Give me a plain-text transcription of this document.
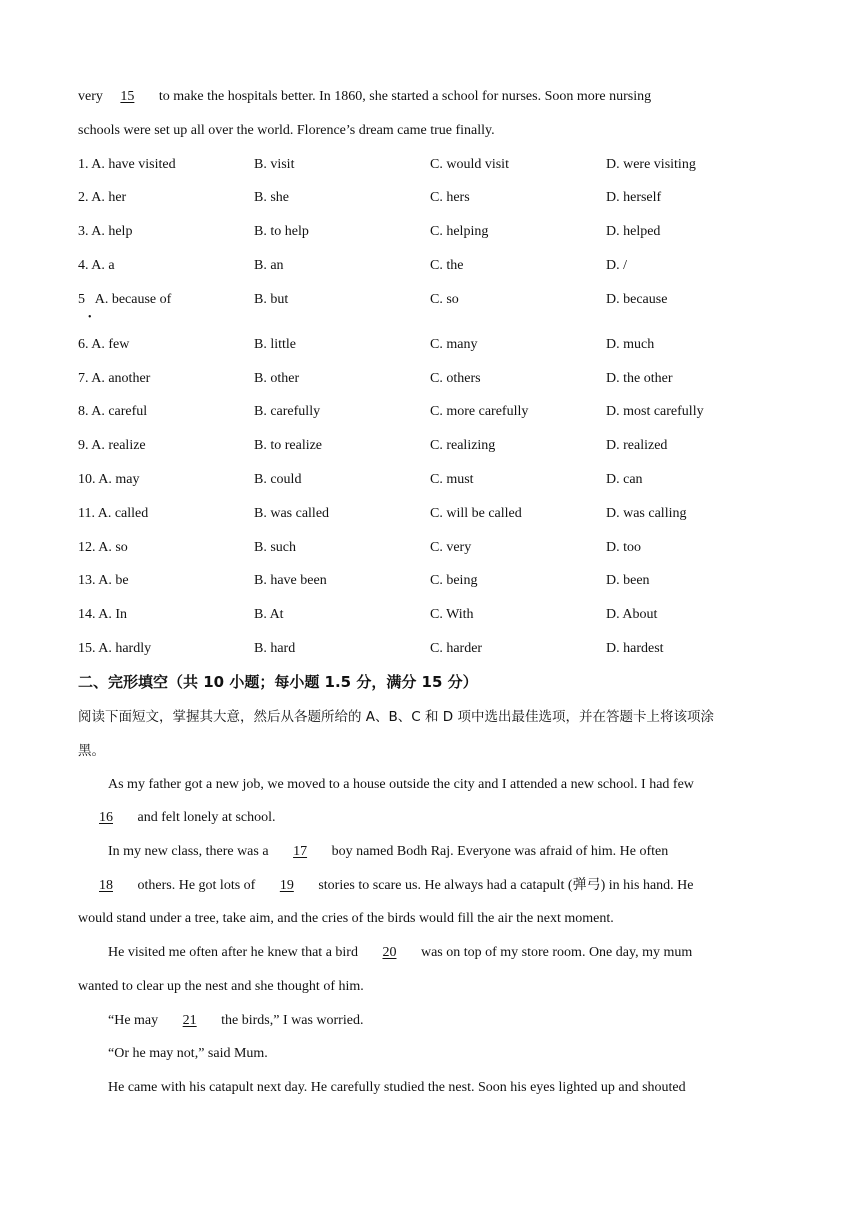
very   15    to make the hospitals better. In 1860, she started a school for nurses. Soon more nursing
schools were set up all over the world. Florence’s dream came true finally.
1. A. have visited	B. visit	C. would visit	D. were visiting
2. A. her	B. she	C. hers	D. herself
3. A. help	B. to help	C. helping	D. helped
4. A. a	B. an	C. the	D. /
5   A. because of	B. but	C. so	D. because
•
6. A. few	B. little	C. many	D. much
7. A. another	B. other	C. others	D. the other
8. A. careful	B. carefully	C. more carefully	D. most carefully
9. A. realize	B. to realize	C. realizing	D. realized
10. A. may	B. could	C. must	D. can
11. A. called	B. was called	C. will be called	D. was calling
12. A. so	B. such	C. very	D. too
13. A. be	B. have been	C. being	D. been
14. A. In	B. At	C. With	D. About
15. A. hardly	B. hard	C. harder	D. hardest
二、完形填空（共 10 小题；每小题 1.5 分，满分 15 分）
阅读下面短文，掌握其大意，然后从各题所给的 A、B、C 和 D 项中选出最佳选项，并在答题卡上将该项涂
黑。
As my father got a new job, we moved to a house outside the city and I attended a new school. I had few
   16    and felt lonely at school.
In my new class, there was a    17    boy named Bodh Raj. Everyone was afraid of him. He often
   18    others. He got lots of    19    stories to scare us. He always had a catapult (弹弓) in his hand. He
would stand under a tree, take aim, and the cries of the birds would fill the air the next moment.
He visited me often after he knew that a bird    20    was on top of my store room. One day, my mum
wanted to clear up the nest and she thought of him.
“He may    21    the birds,” I was worried.
“Or he may not,” said Mum.
He came with his catapult next day. He carefully studied the nest. Soon his eyes lighted up and shouted
